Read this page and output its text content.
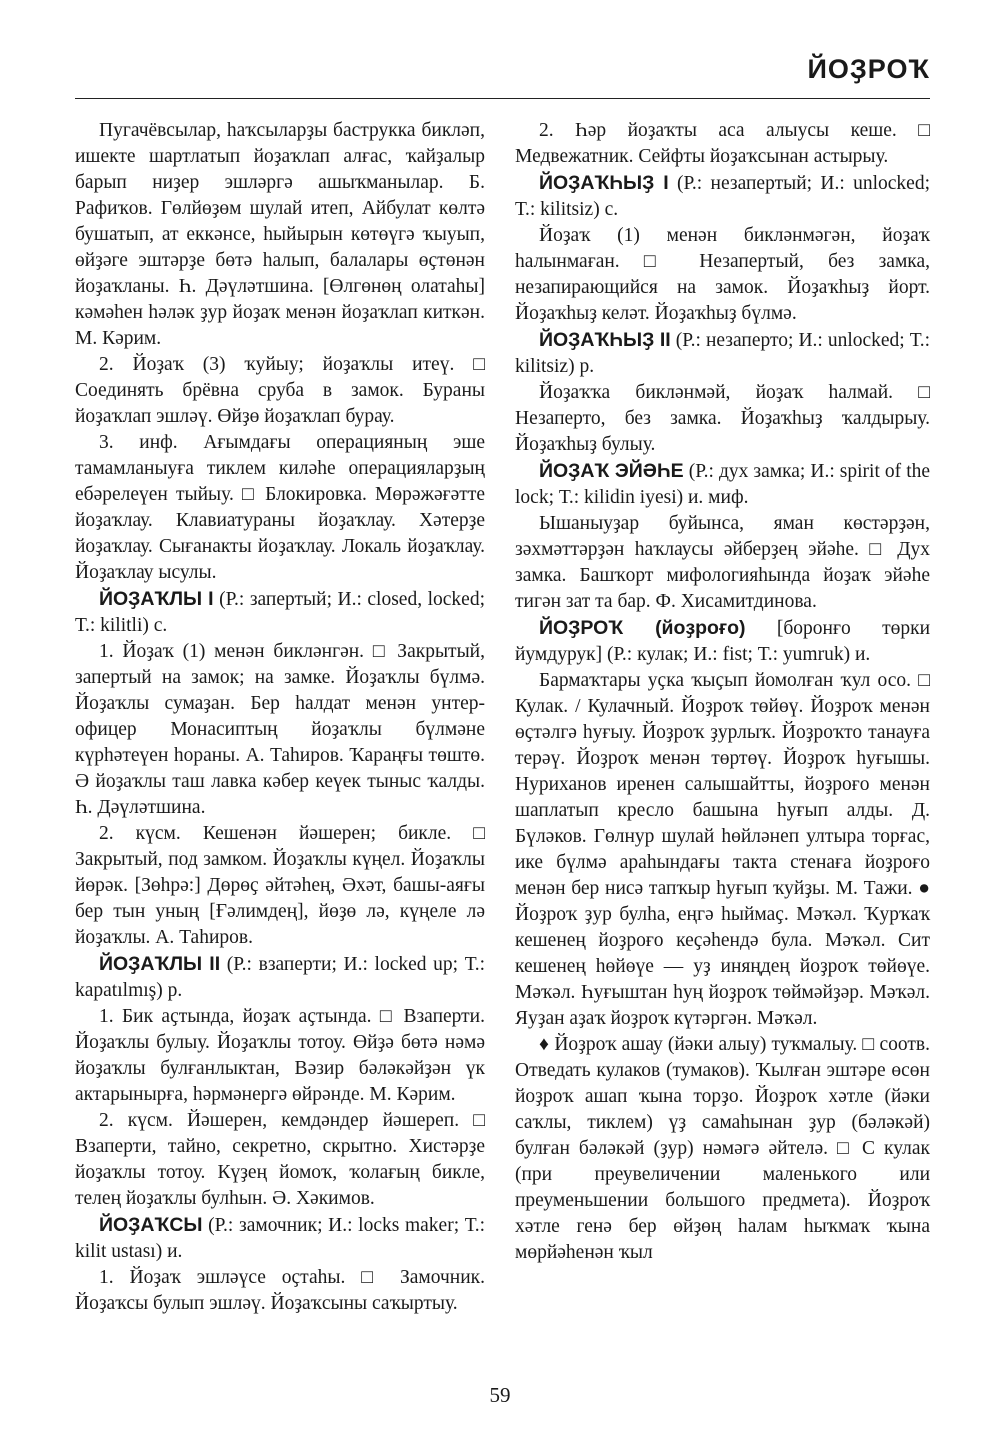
ЙОҘРОҠ

Пугачёвсылар, һаҡсыларҙы баструкка бикләп, ишекте шартлатып йоҙаҡлап алғас, ҡайҙалыр барып ниҙер эшләргә ашыҡманылар. Б. Рафиҡов. Гөлйөҙөм шулай итеп, Айбулат көлтә бушатып, ат еккәнсе, һыйырын көтөүгә ҡыуып, өйҙәге эштәрҙе бөтә һалып, балалары өҫтөнән йоҙаҡланы. Һ. Дәүләтшина. [Өлгөнөң олатаһы] кәмәһен һәләк ҙур йоҙаҡ менән йоҙаҡлап киткән. М. Кәрим.

2. Йоҙаҡ (3) ҡуйыу; йоҙаҡлы итеү. □ Соединять брёвна сруба в замок. Бураны йоҙаҡлап эшләү. Өйҙө йоҙаҡлап бурау.

3. инф. Ағымдағы операцияның эше тамамланыуға тиклем киләһе операцияларҙың ебәрелеүен тыйыу. □ Блокировка. Мөрәжәғәтте йоҙаҡлау. Клавиатураны йоҙаҡлау. Хәтерҙе йоҙаҡлау. Сығанакты йоҙаҡлау. Локаль йоҙаҡлау. Йоҙаҡлау ысулы.

ЙОҘАҠЛЫ I (Р.: запертый; И.: closed, locked; Т.: kilitli) с.

1. Йоҙаҡ (1) менән бикләнгән. □ Закрытый, запертый на замок; на замке. Йоҙаҡлы бүлмә. Йоҙаҡлы сумаҙан. Бер һалдат менән унтер-офицер Монасиптың йоҙаҡлы бүлмәне күрһәтеүен һораны. А. Таһиров. Ҡараңғы төштө. Ә йоҙаҡлы таш лавка кәбер кеүек тыныс ҡалды. Һ. Дәүләтшина.

2. күсм. Кешенән йәшерен; бикле. □ Закрытый, под замком. Йоҙаҡлы күңел. Йоҙаҡлы йөрәк. [Зөһрә:] Дөрөҫ әйтәһең, Әхәт, башы-аяғы бер тын уның [Ғәлимдең], йөҙө лә, күңеле лә йоҙаҡлы. А. Таһиров.

ЙОҘАҠЛЫ II (Р.: взаперти; И.: locked up; Т.: kapatılmış) р.

1. Бик аҫтында, йоҙаҡ аҫтында. □ Взаперти. Йоҙаҡлы булыу. Йоҙаҡлы тотоу. Өйҙә бөтә нәмә йоҙаҡлы булғанлыктан, Вәзир бәләкәйҙән үк актарынырға, һәрмәнергә өйрәнде. М. Кәрим.

2. күсм. Йәшерен, кемдәндер йәшереп. □ Взаперти, тайно, секретно, скрытно. Хистәрҙе йоҙаҡлы тотоу. Күҙең йомоҡ, ҡолағың бикле, телең йоҙаҡлы булһын. Ә. Хәкимов.

ЙОҘАҠСЫ (Р.: замочник; И.: locks maker; Т.: kilit ustası) и.

1. Йоҙаҡ эшләүсе оҫтаһы. □ Замочник. Йоҙаҡсы булып эшләү. Йоҙаҡсыны саҡыртыу.

2. Һәр йоҙаҡты аса алыусы кеше. □ Медвежатник. Сейфты йоҙаҡсынан астырыу.

ЙОҘАҠҺЫҘ I (Р.: незапертый; И.: unlocked; Т.: kilitsiz) с.

Йоҙаҡ (1) менән бикләнмәгән, йоҙаҡ һалынмаған. □ Незапертый, без замка, незапирающийся на замок. Йоҙаҡһыҙ йорт. Йоҙаҡһыҙ келәт. Йоҙаҡһыҙ бүлмә.

ЙОҘАҠҺЫҘ II (Р.: незаперто; И.: unlocked; Т.: kilitsiz) р.

Йоҙаҡҡа бикләнмәй, йоҙаҡ һалмай. □ Незаперто, без замка. Йоҙаҡһыҙ ҡалдырыу. Йоҙаҡһыҙ булыу.

ЙОҘАҠ ЭЙӘҺЕ (Р.: дух замка; И.: spirit of the lock; Т.: kilidin iyesi) и. миф.

Ышаныуҙар буйынса, яман көстәрҙән, зәхмәттәрҙән һаҡлаусы әйберҙең эйәһе. □ Дух замка. Башҡорт мифологияһында йоҙаҡ эйәһе тигән зат та бар. Ф. Хисамитдинова.

ЙОҘРОҠ (йоҙроғо) [боронғо төрки йумдурук] (Р.: кулак; И.: fist; Т.: yumruk) и.

Бармаҡтары уҫка ҡыҫып йомолған ҡул осо. □ Кулак. / Кулачный. Йоҙроҡ төйөү. Йоҙроҡ менән өҫтәлгә һуғыу. Йоҙроҡ ҙурлыҡ. Йоҙроҡто танауға терәү. Йоҙроҡ менән төртөү. Йоҙроҡ һуғышы. Нуриханов иренен салышайтты, йоҙроғо менән шаплатып кресло башына һуғып алды. Д. Бүләков. Гөлнур шулай һөйләнеп ултыра торғас, ике бүлмә араһындағы такта стенаға йоҙроғо менән бер нисә тапҡыр һуғып ҡуйҙы. М. Тажи. ● Йоҙроҡ ҙур булһа, еңгә һыймаҫ. Мәҡәл. Ҡурҡаҡ кешенең йоҙроғо кеҫәһендә була. Мәҡәл. Сит кешенең һөйөүе — уҙ иняңдең йоҙроҡ төйөүе. Мәҡәл. Һуғыштан һуң йоҙроҡ төймәйҙәр. Мәҡәл. Яуҙан аҙаҡ йоҙроҡ күтәргән. Мәҡәл.

♦ Йоҙроҡ ашау (йәки алыу) туҡмалыу. □ соотв. Отведать кулаков (тумаков). Ҡылған эштәре өсөн йоҙроҡ ашап ҡына торҙо. Йоҙроҡ хәтле (йәки саҡлы, тиклем) үҙ самаһынан ҙур (бәләкәй) булған бәләкәй (ҙур) нәмәгә әйтелә. □ С кулак (при преувеличении маленького или преуменьшении большого предмета). Йоҙроҡ хәтле генә бер өйҙөң һалам һыҡмаҡ ҡына мөрйәһенән ҡыл

59
